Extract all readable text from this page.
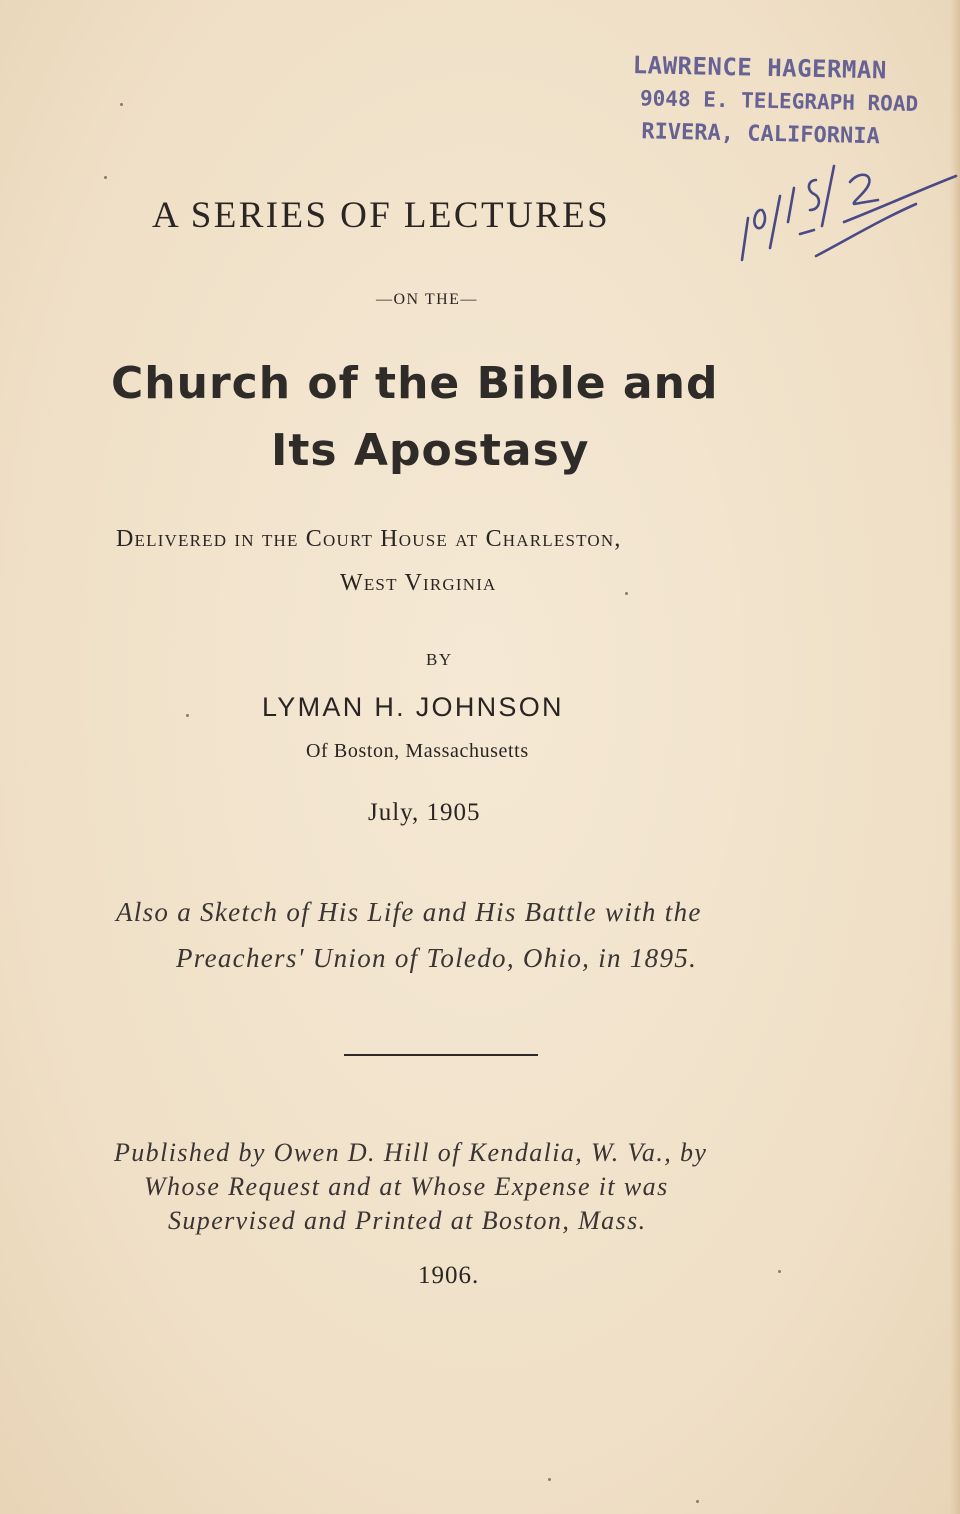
LAWRENCE HAGERMAN
9048 E. TELEGRAPH ROAD
RIVERA, CALIFORNIA
A SERIES OF LECTURES
—ON THE—
Church of the Bible and
Its Apostasy
Delivered in the Court House at Charleston,
West Virginia
BY
LYMAN H. JOHNSON
Of Boston, Massachusetts
July, 1905
Also a Sketch of His Life and His Battle with the
Preachers' Union of Toledo, Ohio, in 1895.
Published by Owen D. Hill of Kendalia, W. Va., by
Whose Request and at Whose Expense it was
Supervised and Printed at Boston, Mass.
1906.
